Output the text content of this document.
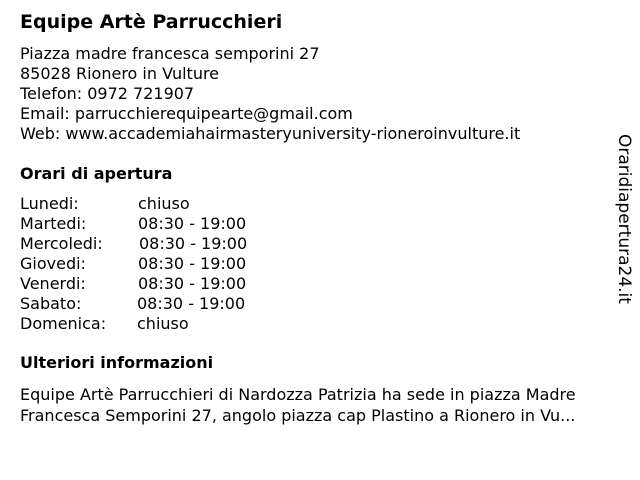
Equipe Artè Parrucchieri
Piazza madre francesca semporini 27
85028 Rionero in Vulture
Telefon: 0972 721907
Email: parrucchierequipearte@gmail.com
Web: www.accademiahairmasteryuniversity-rioneroinvulture.it
Orari di apertura
Lunedi:	chiuso
Martedi:	08:30 - 19:00
Mercoledi: 08:30 - 19:00
Giovedi:	08:30 - 19:00
Venerdi:	08:30 - 19:00
Sabato:	08:30 - 19:00
Domenica: chiuso
Ulteriori informazioni
Equipe Artè Parrucchieri di Nardozza Patrizia ha sede in piazza Madre
Francesca Semporini 27, angolo piazza cap Plastino a Rionero in Vu...
Oraridiapertura24.it
